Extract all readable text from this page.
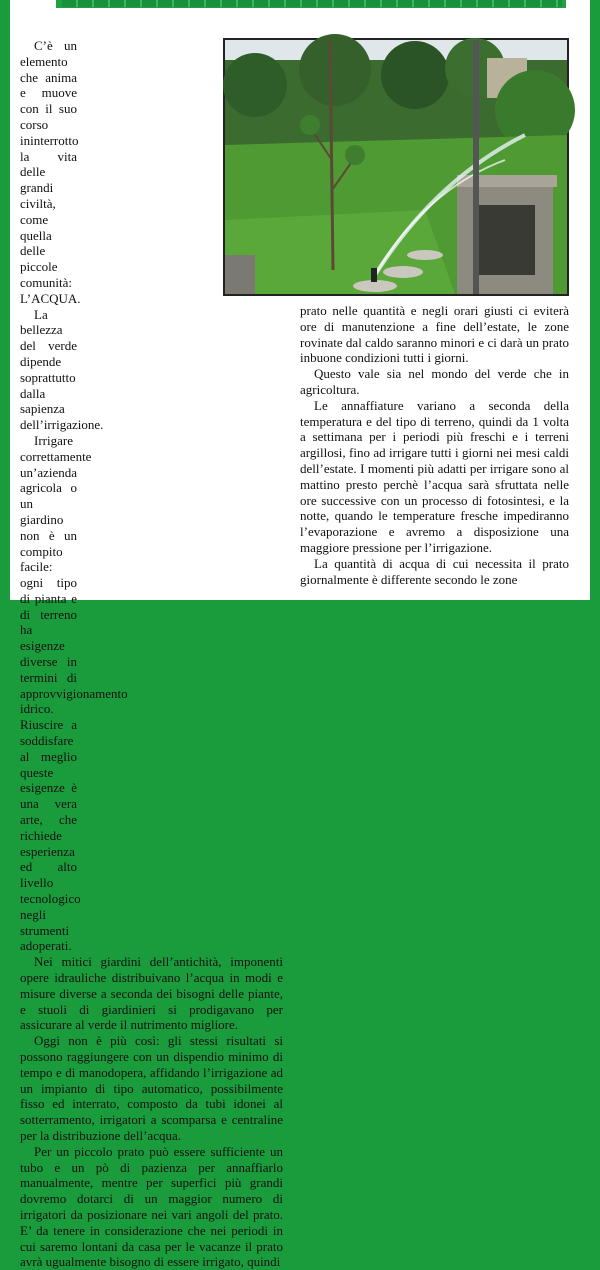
C’è un elemento che anima e muove con il suo corso ininterrotto la vita delle grandi civiltà, come quella delle piccole comunità: L’ACQUA.

La bellezza del verde dipende soprattutto dalla sapienza dell’irrigazione.

Irrigare correttamente un’azienda agricola o un giardino non è un compito facile: ogni tipo di pianta e di terreno ha esigenze diverse in termini di approvvigionamento idrico. Riuscire a soddisfare al meglio queste esigenze è una vera arte, che richiede esperienza ed alto livello tecnologico negli strumenti adoperati.

Nei mitici giardini dell’antichità, imponenti opere idrauliche distribuivano l’acqua in modi e misure diverse a seconda dei bisogni delle piante, e stuoli di giardinieri si prodigavano per assicurare al verde il nutrimento migliore.

Oggi non è più così: gli stessi risultati si possono raggiungere con un dispendio minimo di tempo e di manodopera, affidando l’irrigazione ad un impianto di tipo automatico, possibilmente fisso ed interrato, composto da tubi idonei al sotterramento, irrigatori a scomparsa e centraline per la distribuzione dell’acqua.

Per un piccolo prato può essere sufficiente un tubo e un pò di pazienza per annaffiarlo manualmente, mentre per superfici più grandi dovremo dotarci di un maggior numero di irrigatori da posizionare nei vari angoli del prato. E’ da tenere in considerazione che nei periodi in cui saremo lontani da casa per le vacanze il prato avrà ugualmente bisogno di essere irrigato, quindi

prato nelle quantità e negli orari giusti ci eviterà ore di manutenzione a fine dell’estate, le zone rovinate dal caldo saranno minori e ci darà un prato inbuone condizioni tutti i giorni.

Questo vale sia nel mondo del verde che in agricoltura.

Le annaffiature variano a seconda della temperatura e del tipo di terreno, quindi da 1 volta a settimana per i periodi più freschi e i terreni argillosi, fino ad irrigare tutti i giorni nei mesi caldi dell’estate. I momenti più adatti per irrigare sono al mattino presto perchè l’acqua sarà sfruttata nelle ore successive con un processo di fotosintesi, e la notte, quando le temperature fresche impediranno l’evaporazione e avremo a disposizione una maggiore pressione per l’irrigazione.

La quantità di acqua di cui necessita il prato giornalmente è differente secondo le zone
